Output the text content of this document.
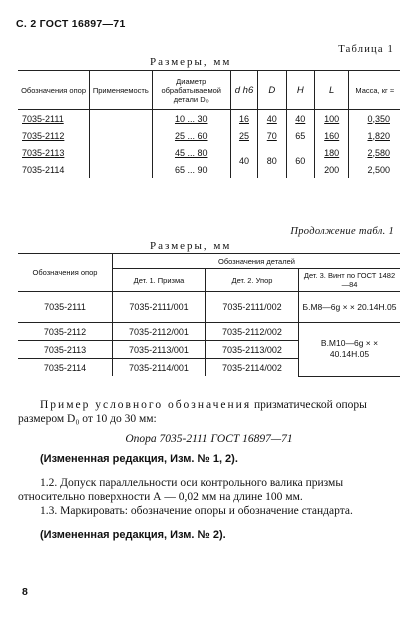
С. 2 ГОСТ 16897—71
Таблица 1
Размеры, мм
Обозначения опор	Применяемость	Диаметр обрабатываемой детали D₀	d h6	D	H	L	Масса, кг ≈
7035-2111		10 ... 30	16	40	40	100	0,350
7035-2112		25 ... 60	25	70	65	160	1,820
7035-2113		45 ... 80	40	80	60	180	2,580
7035-2114		65 ... 90				200	2,500
Продолжение табл. 1
Размеры, мм
Обозначения опор	Обозначения деталей		
	Дет. 1. Призма	Дет. 2. Упор	Дет. 3. Винт по ГОСТ 1482—84
7035-2111	7035-2111/001	7035-2111/002	Б.М8—6g × × 20.14Н.05
7035-2112	7035-2112/001	7035-2112/002	В.М10—6g × × 40.14Н.05
7035-2113	7035-2113/001	7035-2113/002	
7035-2114	7035-2114/001	7035-2114/002	
Пример условного обозначения призматической опоры размером D₀ от 10 до 30 мм:
Опора 7035-2111 ГОСТ 16897—71
(Измененная редакция, Изм. № 1, 2).
1.2. Допуск параллельности оси контрольного валика призмы относительно поверхности А — 0,02 мм на длине 100 мм.
1.3. Маркировать: обозначение опоры и обозначение стандарта.
(Измененная редакция, Изм. № 2).
8
